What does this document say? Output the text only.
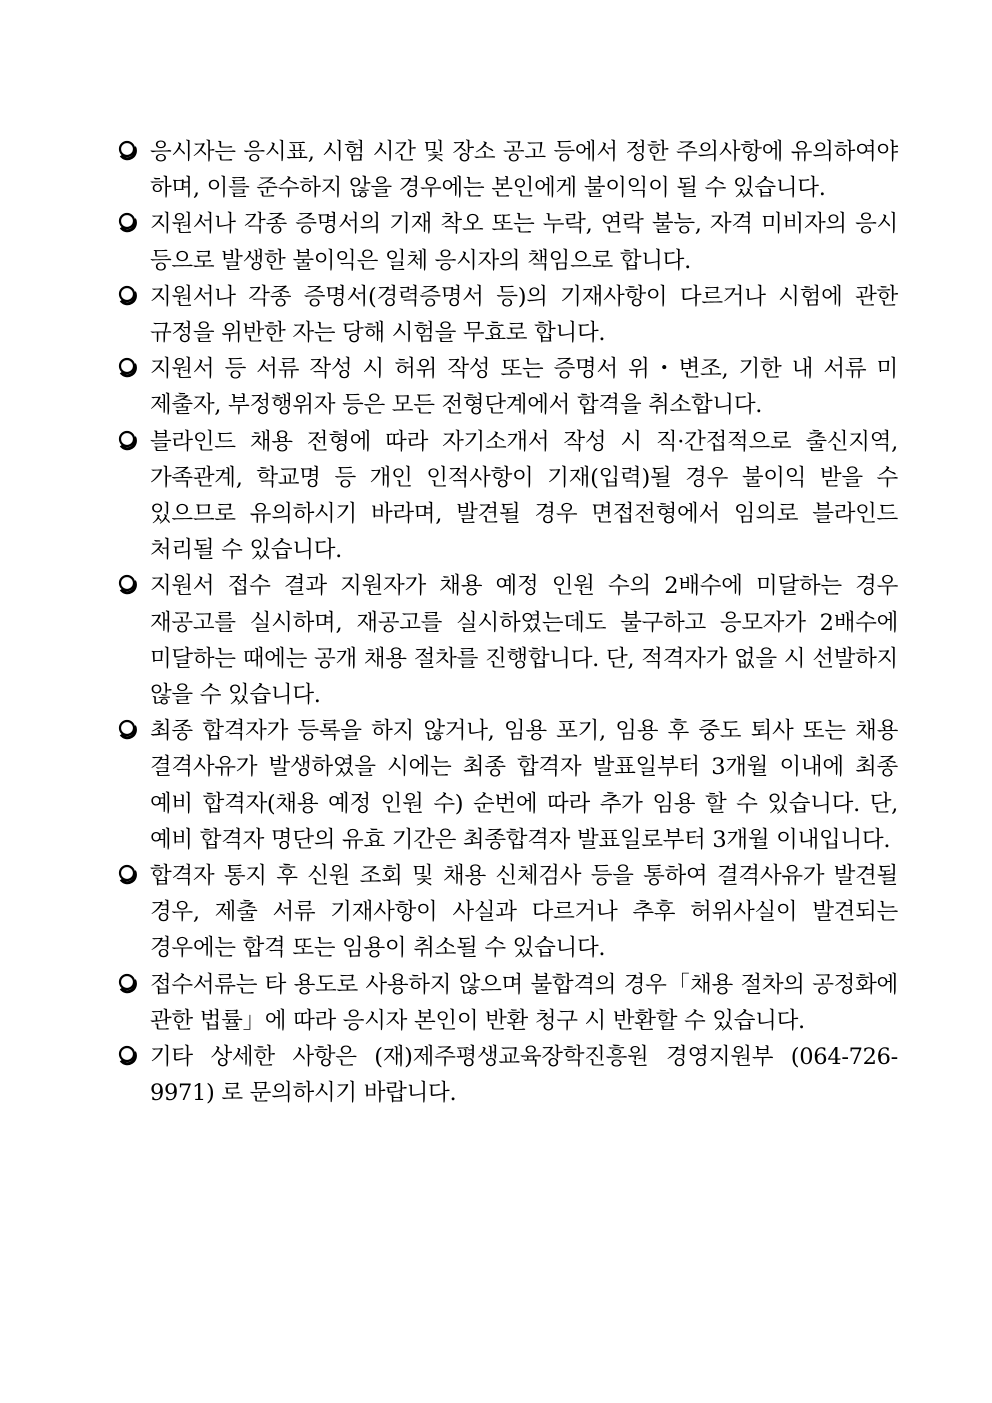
응시자는 응시표, 시험 시간 및 장소 공고 등에서 정한 주의사항에 유의하여야 하며, 이를 준수하지 않을 경우에는 본인에게 불이익이 될 수 있습니다.
지원서나 각종 증명서의 기재 착오 또는 누락, 연락 불능, 자격 미비자의 응시 등으로 발생한 불이익은 일체 응시자의 책임으로 합니다.
지원서나 각종 증명서(경력증명서 등)의 기재사항이 다르거나 시험에 관한 규정을 위반한 자는 당해 시험을 무효로 합니다.
지원서 등 서류 작성 시 허위 작성 또는 증명서 위・변조, 기한 내 서류 미 제출자, 부정행위자 등은 모든 전형단계에서 합격을 취소합니다.
블라인드 채용 전형에 따라 자기소개서 작성 시 직·간접적으로 출신지역, 가족관계, 학교명 등 개인 인적사항이 기재(입력)될 경우 불이익 받을 수 있으므로 유의하시기 바라며, 발견될 경우 면접전형에서 임의로 블라인드 처리될 수 있습니다.
지원서 접수 결과 지원자가 채용 예정 인원 수의 2배수에 미달하는 경우 재공고를 실시하며, 재공고를 실시하였는데도 불구하고 응모자가 2배수에 미달하는 때에는 공개 채용 절차를 진행합니다. 단, 적격자가 없을 시 선발하지 않을 수 있습니다.
최종 합격자가 등록을 하지 않거나, 임용 포기, 임용 후 중도 퇴사 또는 채용 결격사유가 발생하였을 시에는 최종 합격자 발표일부터 3개월 이내에 최종 예비 합격자(채용 예정 인원 수) 순번에 따라 추가 임용 할 수 있습니다. 단, 예비 합격자 명단의 유효 기간은 최종합격자 발표일로부터 3개월 이내입니다.
합격자 통지 후 신원 조회 및 채용 신체검사 등을 통하여 결격사유가 발견될 경우, 제출 서류 기재사항이 사실과 다르거나 추후 허위사실이 발견되는 경우에는 합격 또는 임용이 취소될 수 있습니다.
접수서류는 타 용도로 사용하지 않으며 불합격의 경우「채용 절차의 공정화에 관한 법률」에 따라 응시자 본인이 반환 청구 시 반환할 수 있습니다.
기타 상세한 사항은 (재)제주평생교육장학진흥원 경영지원부 (064-726-9971) 로 문의하시기 바랍니다.
